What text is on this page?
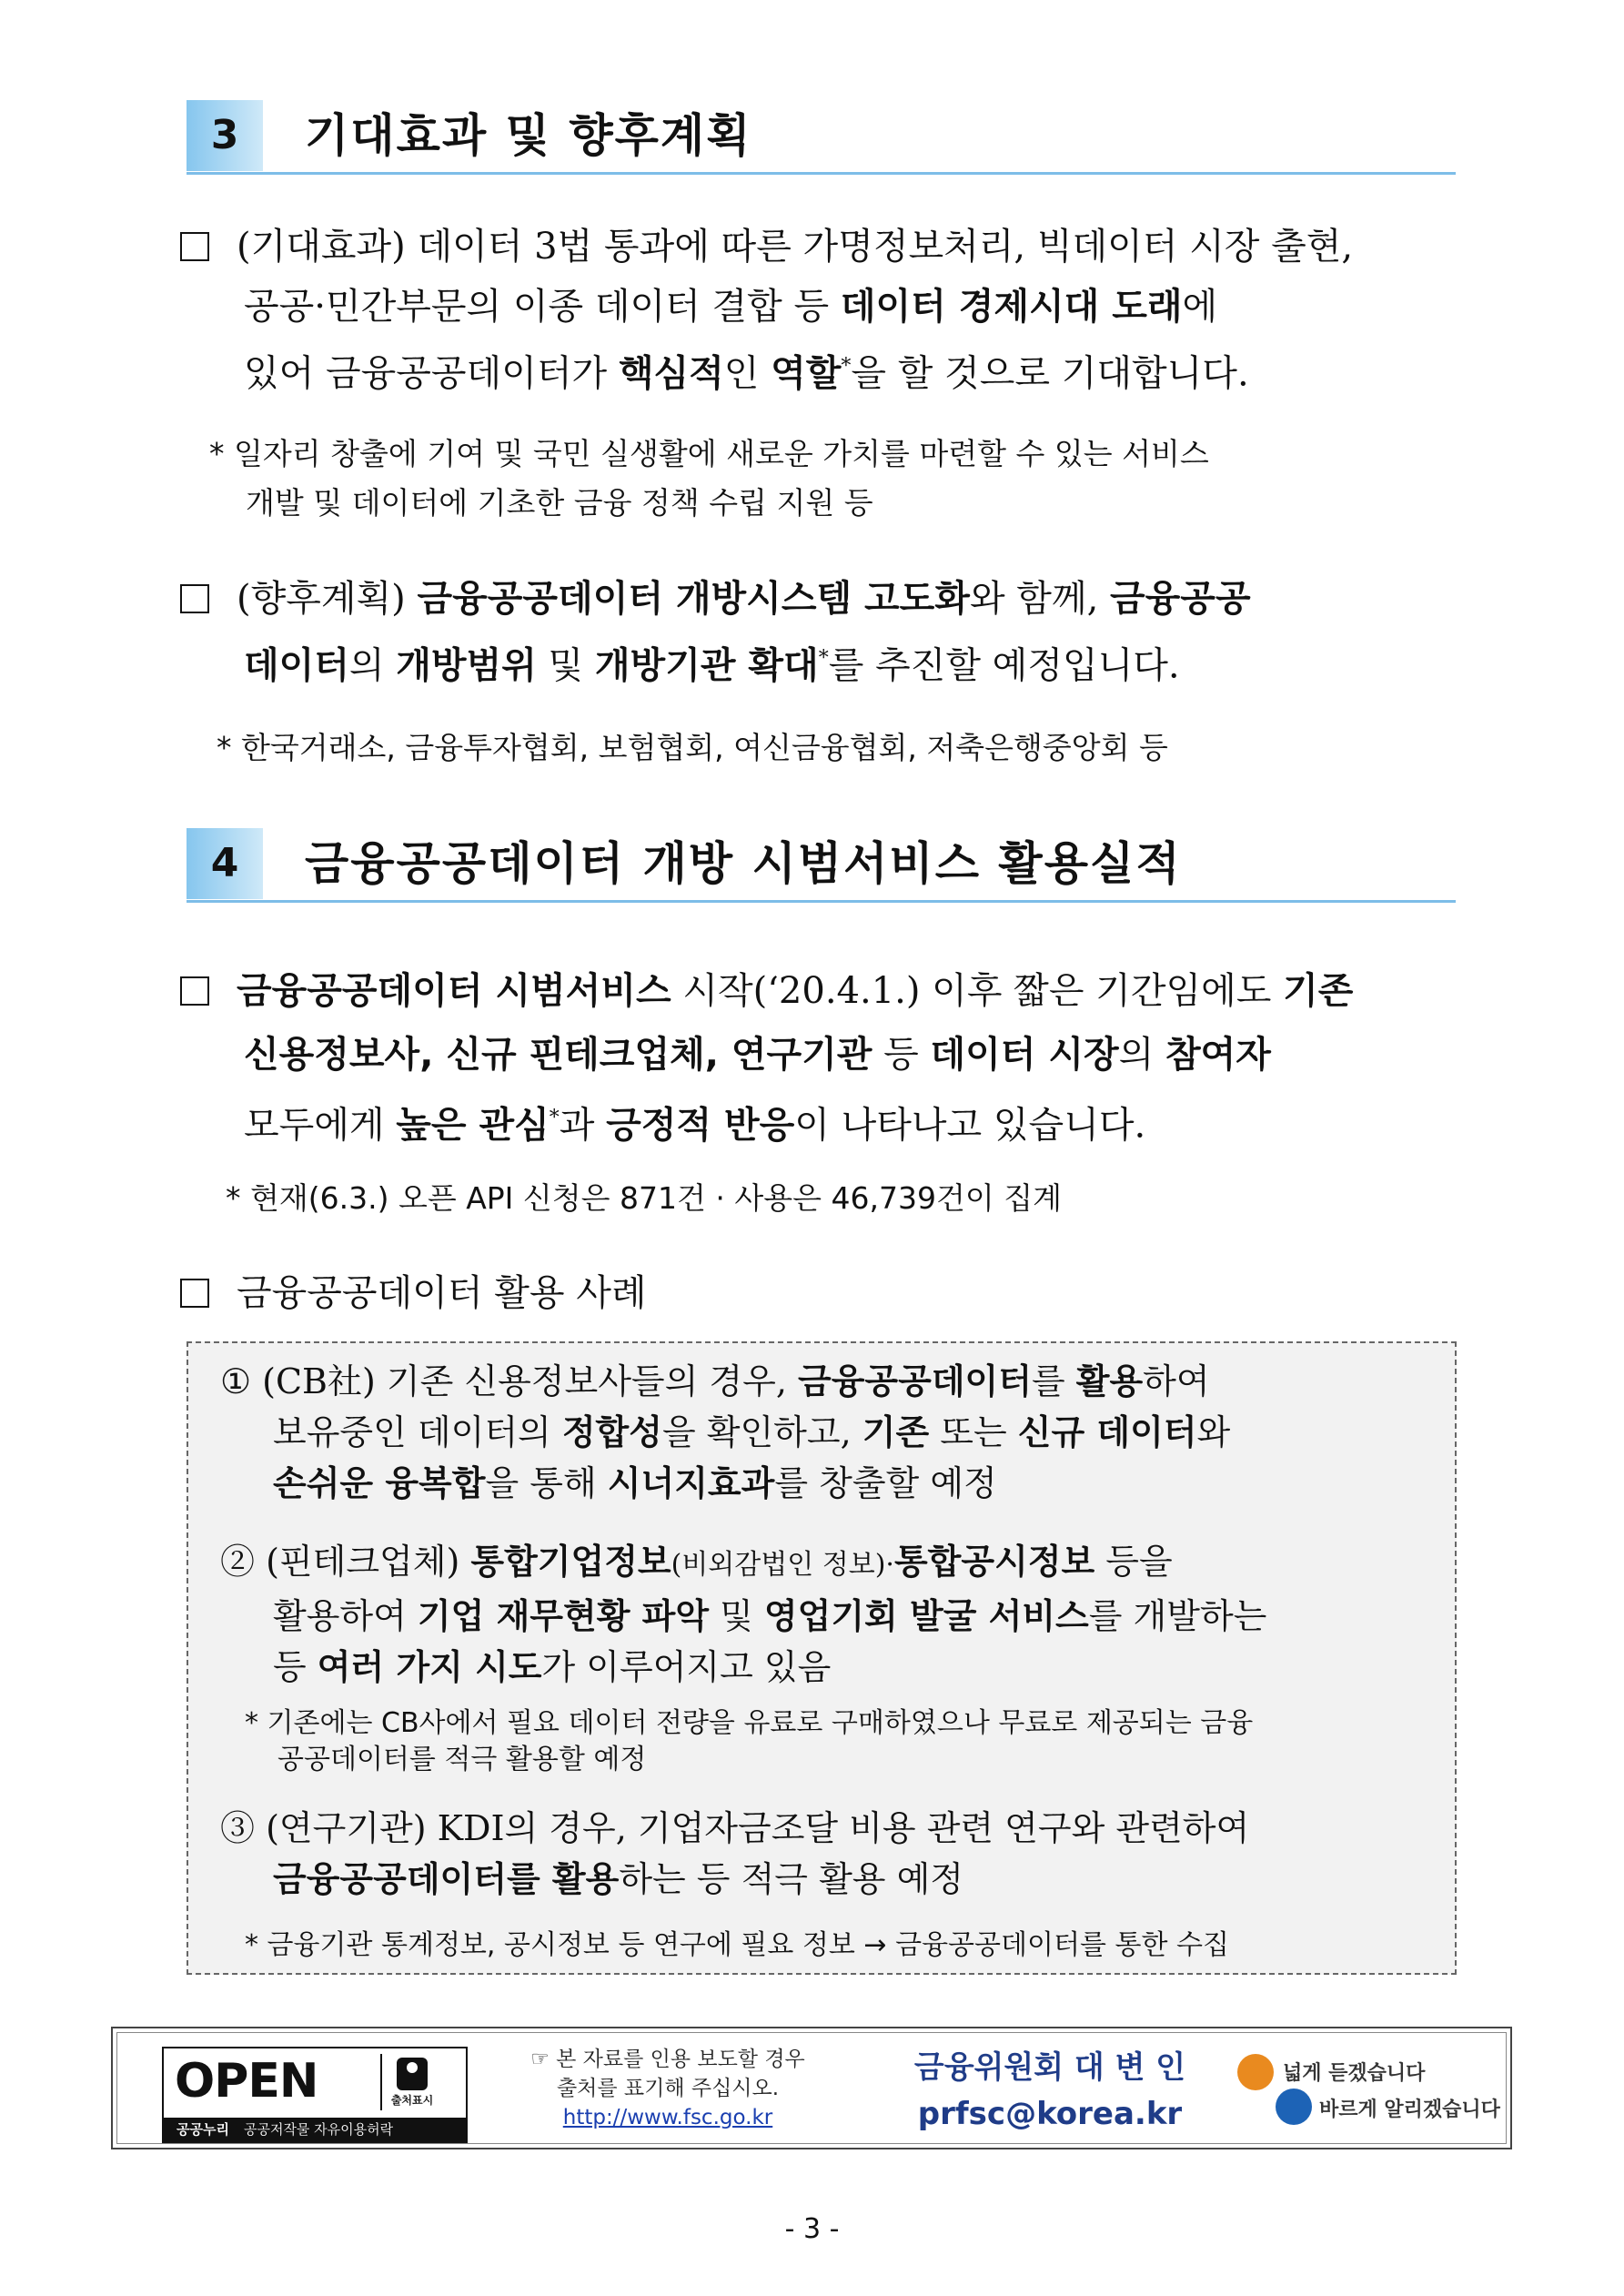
3	기대효과 및 향후계획
(기대효과) 데이터 3법 통과에 따른 가명정보처리, 빅데이터 시장 출현,
공공·민간부문의 이종 데이터 결합 등 데이터 경제시대 도래에
있어 금융공공데이터가 핵심적인 역할*을 할 것으로 기대합니다.
* 일자리 창출에 기여 및 국민 실생활에 새로운 가치를 마련할 수 있는 서비스
개발 및 데이터에 기초한 금융 정책 수립 지원 등
(향후계획) 금융공공데이터 개방시스템 고도화와 함께, 금융공공
데이터의 개방범위 및 개방기관 확대*를 추진할 예정입니다.
* 한국거래소, 금융투자협회, 보험협회, 여신금융협회, 저축은행중앙회 등
4	금융공공데이터 개방 시범서비스 활용실적
금융공공데이터 시범서비스 시작(‘20.4.1.) 이후 짧은 기간임에도 기존
신용정보사, 신규 핀테크업체, 연구기관 등 데이터 시장의 참여자
모두에게 높은 관심*과 긍정적 반응이 나타나고 있습니다.
* 현재(6.3.) 오픈 API 신청은 871건 · 사용은 46,739건이 집계
금융공공데이터 활용 사례
① (CB社) 기존 신용정보사들의 경우, 금융공공데이터를 활용하여
보유중인 데이터의 정합성을 확인하고, 기존 또는 신규 데이터와
손쉬운 융복합을 통해 시너지효과를 창출할 예정
② (핀테크업체) 통합기업정보(비외감법인 정보)·통합공시정보 등을
활용하여 기업 재무현황 파악 및 영업기회 발굴 서비스를 개발하는
등 여러 가지 시도가 이루어지고 있음
* 기존에는 CB사에서 필요 데이터 전량을 유료로 구매하였으나 무료로 제공되는 금융
공공데이터를 적극 활용할 예정
③ (연구기관) KDI의 경우, 기업자금조달 비용 관련 연구와 관련하여
금융공공데이터를 활용하는 등 적극 활용 예정
* 금융기관 통계정보, 공시정보 등 연구에 필요 정보 → 금융공공데이터를 통한 수집
OPEN	출처표시
공공누리 공공저작물 자유이용허락
☞ 본 자료를 인용 보도할 경우
출처를 표기해 주십시오.
http://www.fsc.go.kr
금융위원회 대 변 인
prfsc@korea.kr
넓게 듣겠습니다
바르게 알리겠습니다
- 3 -
